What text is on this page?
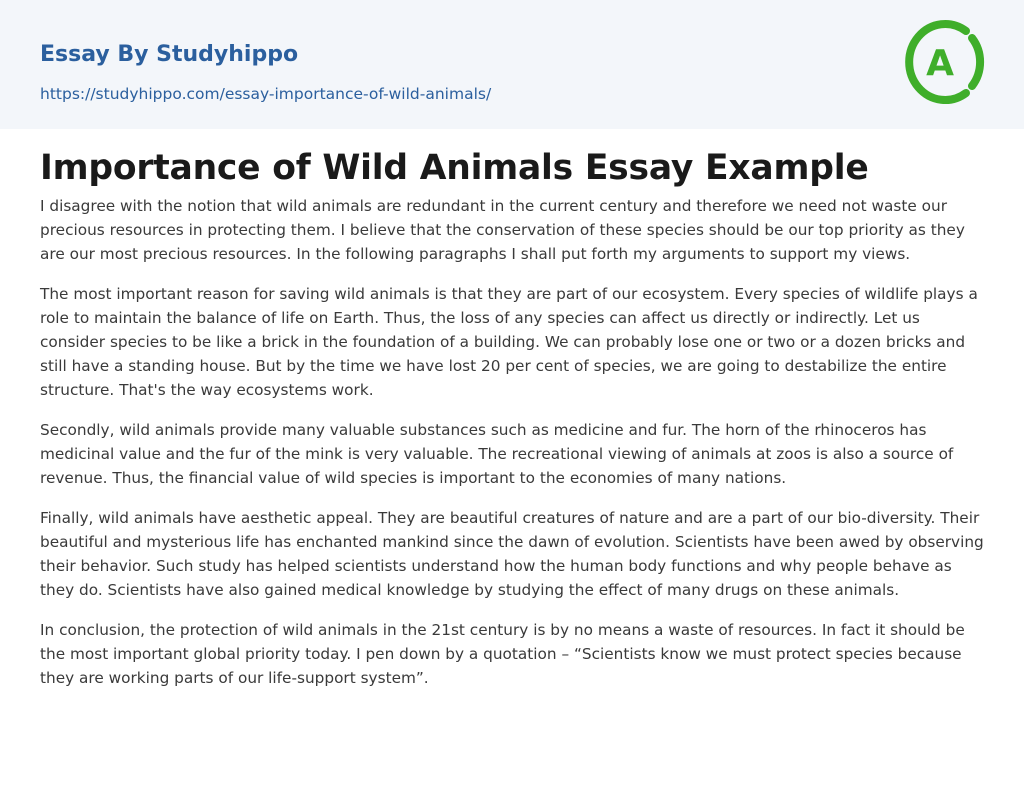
Essay By Studyhippo
https://studyhippo.com/essay-importance-of-wild-animals/
A
Importance of Wild Animals Essay Example

I disagree with the notion that wild animals are redundant in the current century and therefore we need not waste our precious resources in protecting them. I believe that the conservation of these species should be our top priority as they are our most precious resources. In the following paragraphs I shall put forth my arguments to support my views.

The most important reason for saving wild animals is that they are part of our ecosystem. Every species of wildlife plays a role to maintain the balance of life on Earth. Thus, the loss of any species can affect us directly or indirectly. Let us consider species to be like a brick in the foundation of a building. We can probably lose one or two or a dozen bricks and still have a standing house. But by the time we have lost 20 per cent of species, we are going to destabilize the entire structure. That's the way ecosystems work.

Secondly, wild animals provide many valuable substances such as medicine and fur. The horn of the rhinoceros has medicinal value and the fur of the mink is very valuable. The recreational viewing of animals at zoos is also a source of revenue. Thus, the financial value of wild species is important to the economies of many nations.

Finally, wild animals have aesthetic appeal. They are beautiful creatures of nature and are a part of our bio-diversity. Their beautiful and mysterious life has enchanted mankind since the dawn of evolution. Scientists have been awed by observing their behavior. Such study has helped scientists understand how the human body functions and why people behave as they do. Scientists have also gained medical knowledge by studying the effect of many drugs on these animals.

In conclusion, the protection of wild animals in the 21st century is by no means a waste of resources. In fact it should be the most important global priority today. I pen down by a quotation – “Scientists know we must protect species because they are working parts of our life-support system”.
